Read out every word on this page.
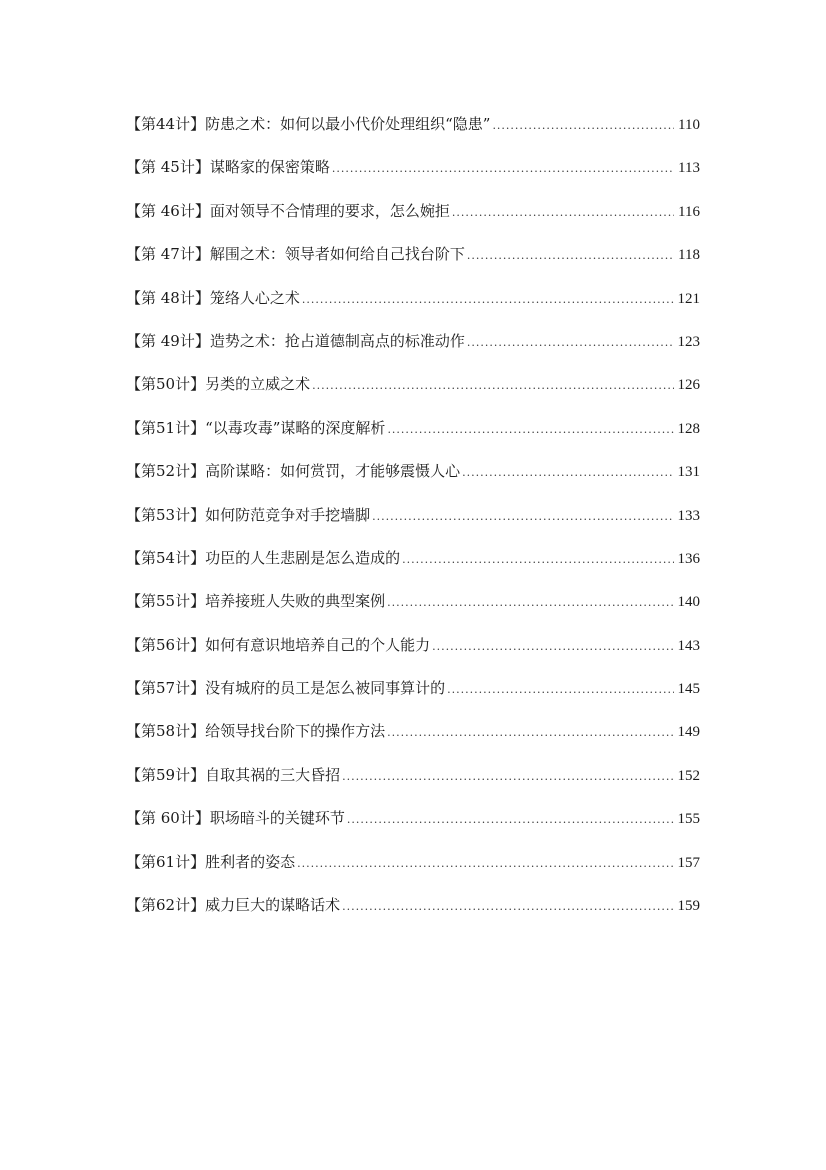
【第44计】 防患之术：如何以最小代价处理组织“隐患” .....	110
【第 45计】 谋略家的保密策略 .....	113
【第 46计】 面对领导不合情理的要求，怎么婉拒 .....	116
【第 47计】 解围之术：领导者如何给自己找台阶下 .....	118
【第 48计】 笼络人心之术 .....	121
【第 49计】 造势之术：抢占道德制高点的标准动作 .....	123
【第50计】 另类的立威之术 .....	126
【第51计】 “以毒攻毒”谋略的深度解析 .....	128
【第52计】 高阶谋略：如何赏罚，才能够震慑人心 .....	131
【第53计】 如何防范竞争对手挖墙脚 .....	133
【第54计】 功臣的人生悲剧是怎么造成的 .....	136
【第55计】 培养接班人失败的典型案例 .....	140
【第56计】 如何有意识地培养自己的个人能力 .....	143
【第57计】 没有城府的员工是怎么被同事算计的 .....	145
【第58计】 给领导找台阶下的操作方法 .....	149
【第59计】 自取其祸的三大昏招 .....	152
【第 60计】 职场暗斗的关键环节 .....	155
【第61计】 胜利者的姿态 .....	157
【第62计】 威力巨大的谋略话术 .....	159
